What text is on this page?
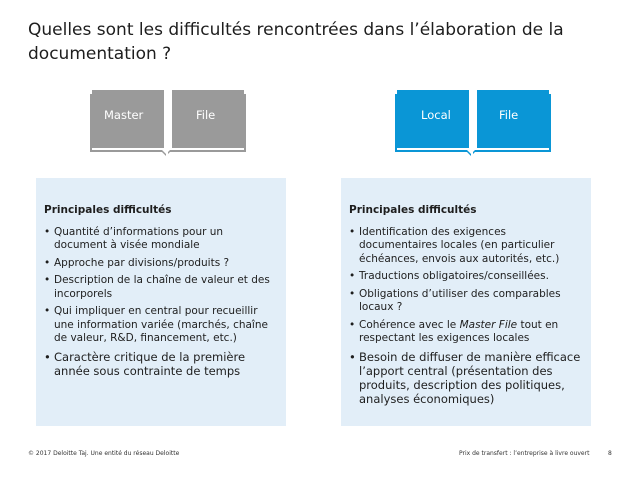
Quelles sont les difficultés rencontrées dans l’élaboration de la documentation ?
Master	File	Local	File
Principales difficultés
• Quantité d’informations pour un document à visée mondiale
• Approche par divisions/produits ?
• Description de la chaîne de valeur et des incorporels
• Qui impliquer en central pour recueillir une information variée (marchés, chaîne de valeur, R&D, financement, etc.)
• Caractère critique de la première année sous contrainte de temps
Principales difficultés
• Identification des exigences documentaires locales (en particulier échéances, envois aux autorités, etc.)
• Traductions obligatoires/conseillées.
• Obligations d’utiliser des comparables locaux ?
• Cohérence avec le Master File tout en respectant les exigences locales
• Besoin de diffuser de manière efficace l’apport central (présentation des produits, description des politiques, analyses économiques)
© 2017 Deloitte Taj. Une entité du réseau Deloitte	Prix de transfert : l’entreprise à livre ouvert	8
